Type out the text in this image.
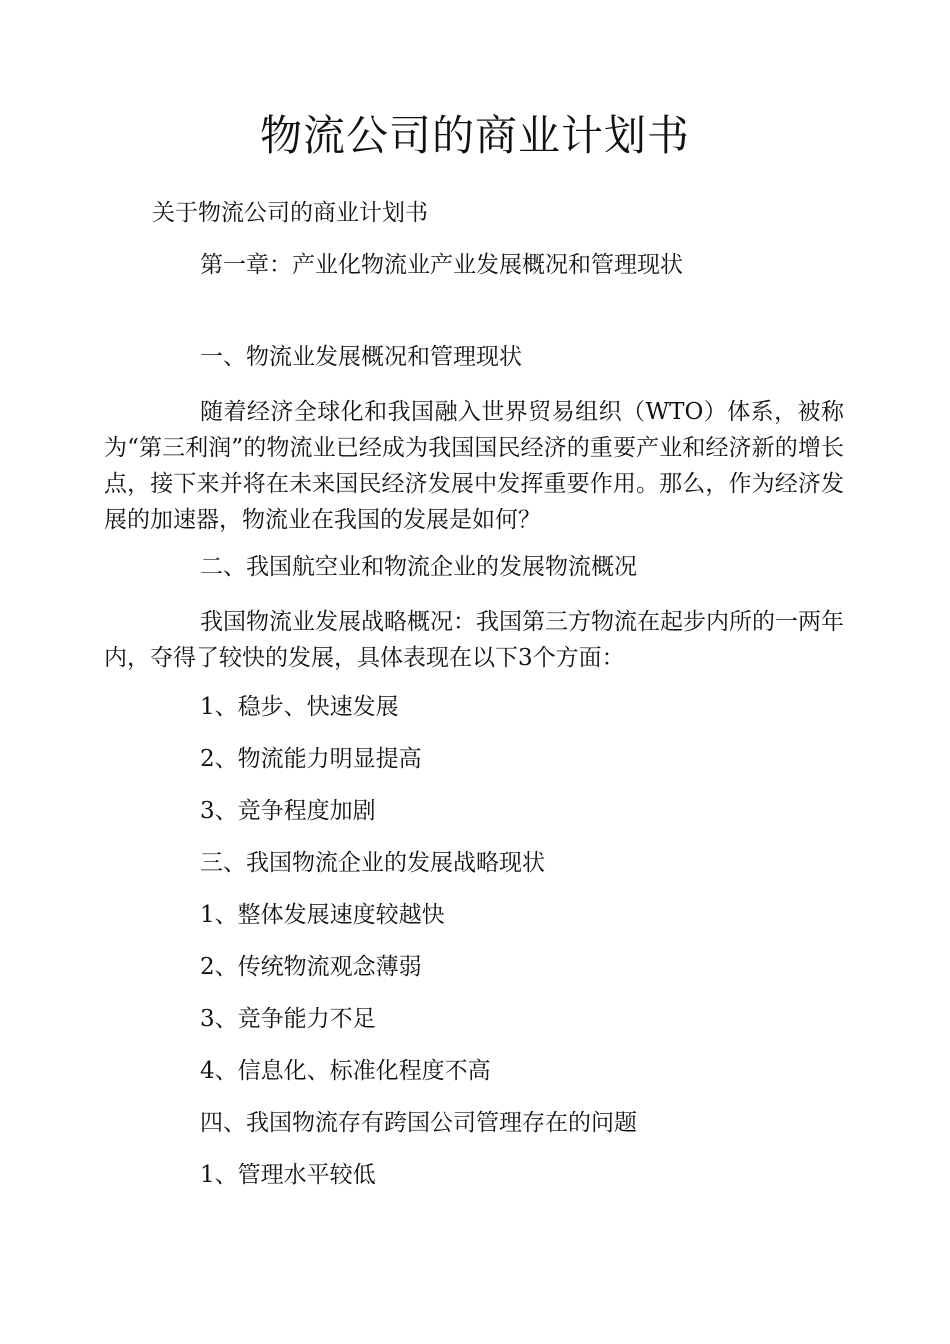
物流公司的商业计划书

关于物流公司的商业计划书

第一章：产业化物流业产业发展概况和管理现状

一、物流业发展概况和管理现状

随着经济全球化和我国融入世界贸易组织（WTO）体系，被称为“第三利润”的物流业已经成为我国国民经济的重要产业和经济新的增长点，接下来并将在未来国民经济发展中发挥重要作用。那么，作为经济发展的加速器，物流业在我国的发展是如何？

二、我国航空业和物流企业的发展物流概况

我国物流业发展战略概况：我国第三方物流在起步内所的一两年内，夺得了较快的发展，具体表现在以下3个方面：

1、稳步、快速发展

2、物流能力明显提高

3、竞争程度加剧

三、我国物流企业的发展战略现状

1、整体发展速度较越快

2、传统物流观念薄弱

3、竞争能力不足

4、信息化、标准化程度不高

四、我国物流存有跨国公司管理存在的问题

1、管理水平较低
